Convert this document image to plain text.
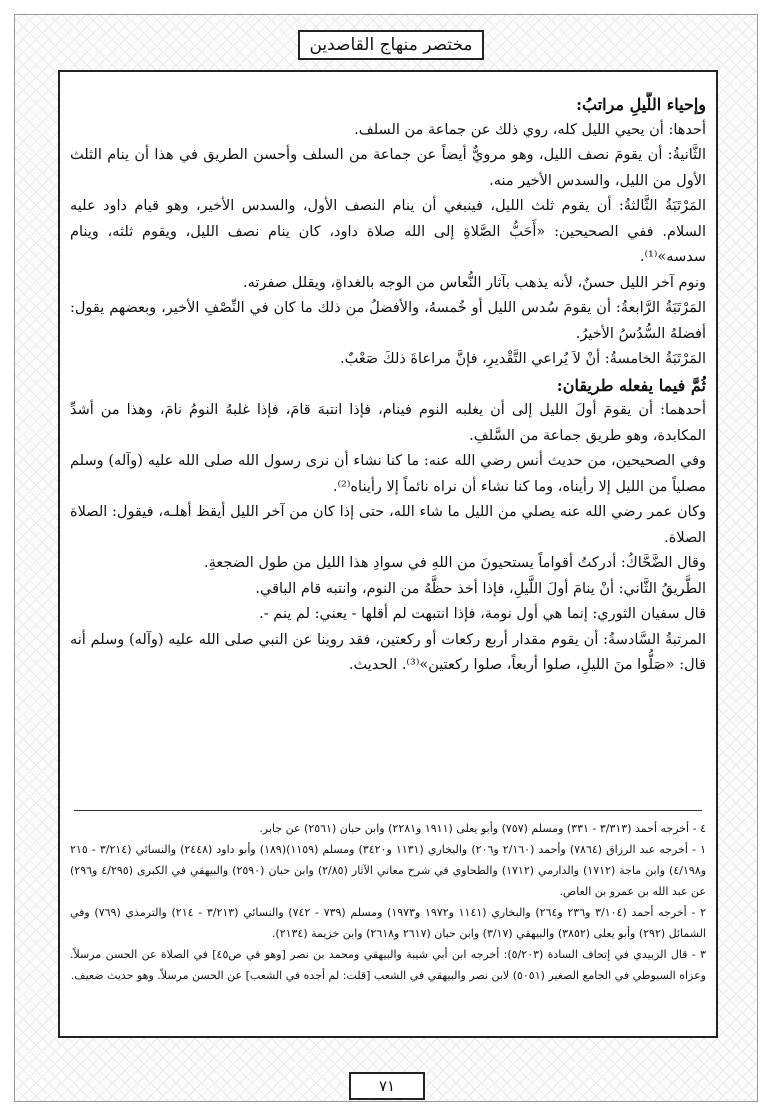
مختصر منهاج القاصدين

وإحياء اللَّيلِ مراتبُ:

أحدها: أن يحيي الليل كله، روي ذلك عن جماعة من السلف.

الثَّانيةُ: أن يقومَ نصف الليل، وهو مرويٌّ أيضاً عن جماعة من السلف وأحسن الطريق في هذا أن ينام الثلث الأول من الليل، والسدس الأخير منه.

المَرْتَبَةُ الثَّالثةُ: أن يقوم ثلث الليل، فينبغي أن ينام النصف الأول، والسدس الأخير، وهو قيام داود عليه السلام. ففي الصحيحين: «أَحَبُّ الصَّلاةِ إلى الله صلاة داود، كان ينام نصف الليل، ويقوم ثلثه، وينام سدسه»⁽¹⁾.

ونوم آخر الليل حسنٌ، لأنه يذهب بآثار النُّعاس من الوجه بالغداةِ، ويقلل صفرته.

المَرْتَبَةُ الرَّابعةُ: أن يقومَ سُدس الليل أو خُمسهُ، والأفضلُ من ذلك ما كان في النِّصْفِ الأخير، وبعضهم يقول: أفضلهُ السُّدُسُ الأخيرُ.

المَرْتَبَةُ الخامسةُ: أنْ لاَ يُراعي التَّقْديرِ، فإنَّ مراعاةَ ذلكَ صَعْبٌ.

ثُمَّ فيما يفعله طريقان:

أحدهما: أن يقومَ أولَ الليل إلى أن يغلبه النوم فينام، فإذا انتبهَ قامَ، فإذا غلبهُ النومُ نامَ، وهذا من أشدِّ المكابدة، وهو طريق جماعة من السَّلفِ.

وفي الصحيحين، من حديث أنس رضي الله عنه: ما كنا نشاء أن نرى رسول الله صلى الله عليه (وآله) وسلم مصلياً من الليل إلا رأيناه، وما كنا نشاء أن نراه نائماً إلا رأيناه⁽²⁾.

وكان عمر رضي الله عنه يصلي من الليل ما شاء الله، حتى إذا كان من آخر الليل أيقظ أهلـه، فيقول: الصلاة الصلاة.

وقال الضَّحَّاكُ: أدركتُ أقواماً يستحيونَ من اللهِ في سوادِ هذا الليل من طول الضجعةِ.

الطَّريقُ الثَّاني: أنْ ينامَ أولَ اللَّيلِ، فإذا أخذ حظَّهُ من النوم، وانتبه قام الباقي.

قال سفيان الثوري: إنما هي أول نومة، فإذا انتبهت لم أقلها - يعني: لم ينم -.

المرتبةُ السَّادسةُ: أن يقوم مقدار أربع ركعات أو ركعتين، فقد روينا عن النبي صلى الله عليه (وآله) وسلم أنه قال: «صَلُّوا منَ الليلِ، صلوا أربعاً، صلوا ركعتين»⁽³⁾. الحديث.

٤ - أخرجه أحمد (٣/٣١٣ - ٣٣١) ومسلم (٧٥٧) وأبو يعلى (١٩١١ و٢٢٨١) وابن حبان (٢٥٦١) عن جابر.

١ - أخرجه عبد الرزاق (٧٨٦٤) وأحمد (٢/١٦٠ و٢٠٦) والبخاري (١١٣١ و٣٤٢٠) ومسلم (١١٥٩)(١٨٩) وأبو داود (٢٤٤٨) والنسائي (٣/٢١٤ - ٢١٥ و٤/١٩٨) وابن ماجة (١٧١٢) والدارمي (١٧١٢) والطحاوي في شرح معاني الآثار (٢/٨٥) وابن حبان (٢٥٩٠) والبيهقي في الكبرى (٤/٢٩٥ و٢٩٦) عن عبد الله بن عمرو بن العاص.

٢ - أخرجه أحمد (٣/١٠٤ و٢٣٦ و٢٦٤) والبخاري (١١٤١ و١٩٧٢ و١٩٧٣) ومسلم (٧٣٩ - ٧٤٢) والنسائي (٣/٢١٣ - ٢١٤) والترمذي (٧٦٩) وفي الشمائل (٢٩٢) وأبو يعلى (٣٨٥٢) والبيهقي (٣/١٧) وابن حبان (٢٦١٧ و٢٦١٨) وابن خزيمة (٢١٣٤).

٣ - قال الزبيدي في إتحاف السادة (٥/٢٠٣): أخرجه ابن أبي شيبة والبيهقي ومحمد بن نصر [وهو في ص٤٥] في الصلاة عن الحسن مرسلاً. وعزاه السيوطي في الجامع الصغير (٥٠٥١) لابن نصر والبيهقي في الشعب [قلت: لم أجده في الشعب] عن الحسن مرسلاً. وهو حديث ضعيف.

٧١
